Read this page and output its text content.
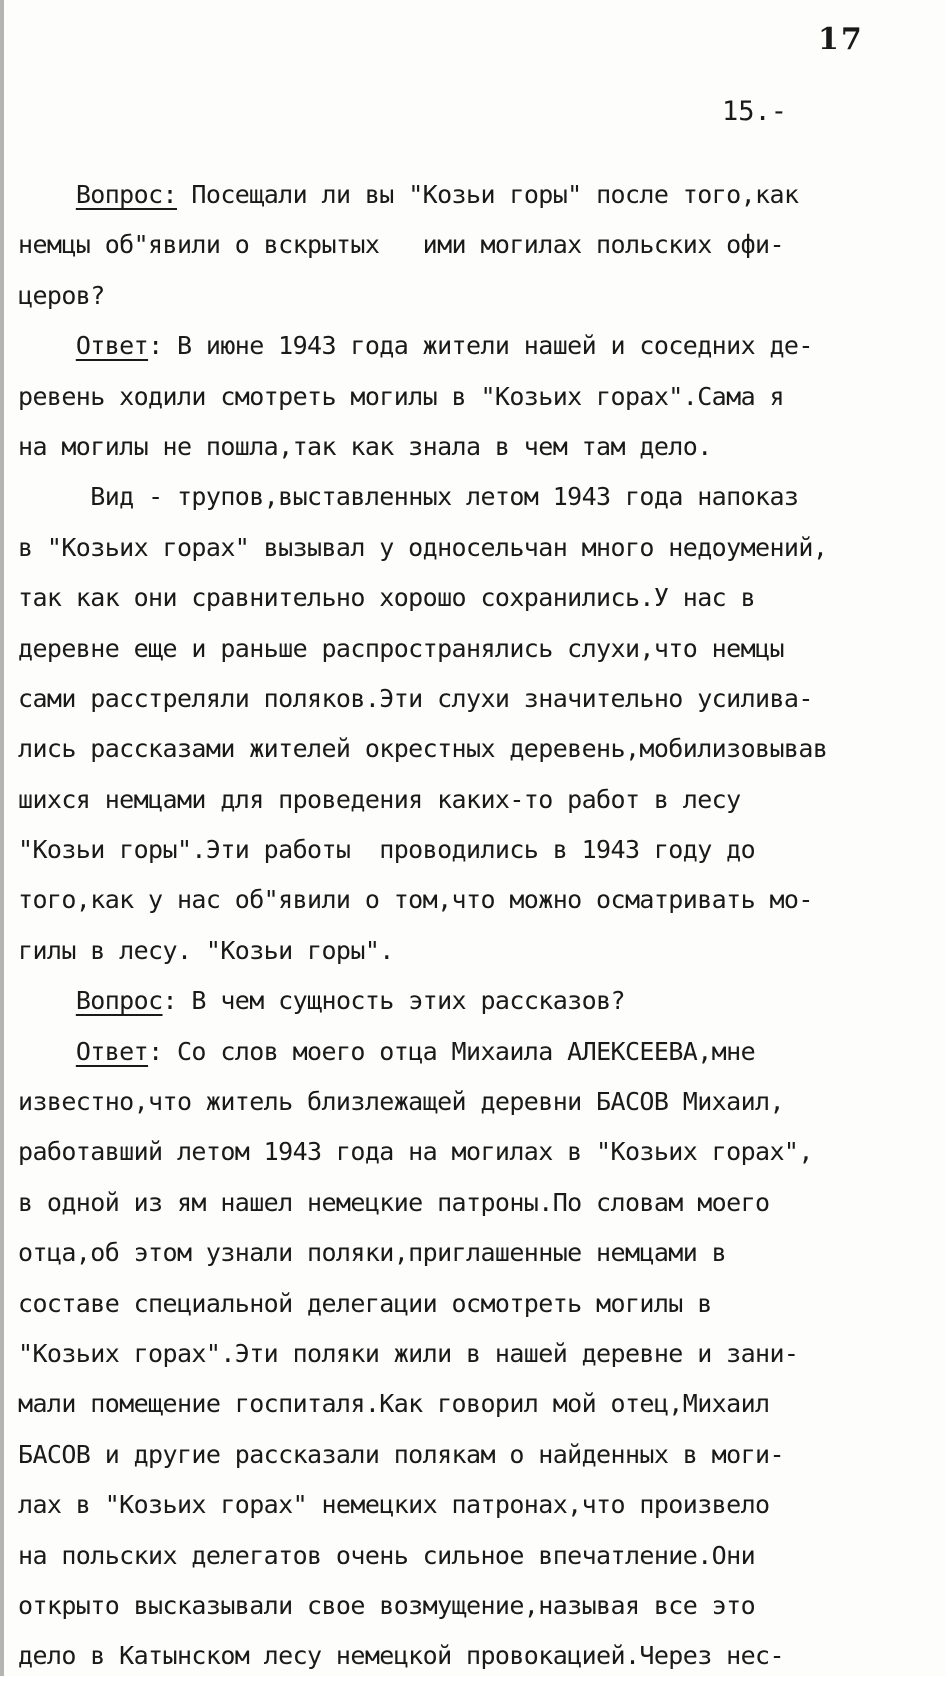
17
15.-
Вопрос: Посещали ли вы "Козьи горы" после того,как
немцы об"явили о вскрытых   ими могилах польских офи-
церов?
Ответ: В июне 1943 года жители нашей и соседних де-
ревень ходили смотреть могилы в "Козьих горах".Сама я
на могилы не пошла,так как знала в чем там дело.
Вид - трупов,выставленных летом 1943 года напоказ
в "Козьих горах" вызывал у односельчан много недоумений,
так как они сравнительно хорошо сохранились.У нас в
деревне еще и раньше распространялись слухи,что немцы
сами расстреляли поляков.Эти слухи значительно усилива-
лись рассказами жителей окрестных деревень,мобилизовывав
шихся немцами для проведения каких-то работ в лесу
"Козьи горы".Эти работы  проводились в 1943 году до
того,как у нас об"явили о том,что можно осматривать мо-
гилы в лесу. "Козьи горы".
Вопрос: В чем сущность этих рассказов?
Ответ: Со слов моего отца Михаила АЛЕКСЕЕВА,мне
известно,что житель близлежащей деревни БАСОВ Михаил,
работавший летом 1943 года на могилах в "Козьих горах",
в одной из ям нашел немецкие патроны.По словам моего
отца,об этом узнали поляки,приглашенные немцами в
составе специальной делегации осмотреть могилы в
"Козьих горах".Эти поляки жили в нашей деревне и зани-
мали помещение госпиталя.Как говорил мой отец,Михаил
БАСОВ и другие рассказали полякам о найденных в моги-
лах в "Козьих горах" немецких патронах,что произвело
на польских делегатов очень сильное впечатление.Они
открыто высказывали свое возмущение,называя все это
дело в Катынском лесу немецкой провокацией.Через нес-
